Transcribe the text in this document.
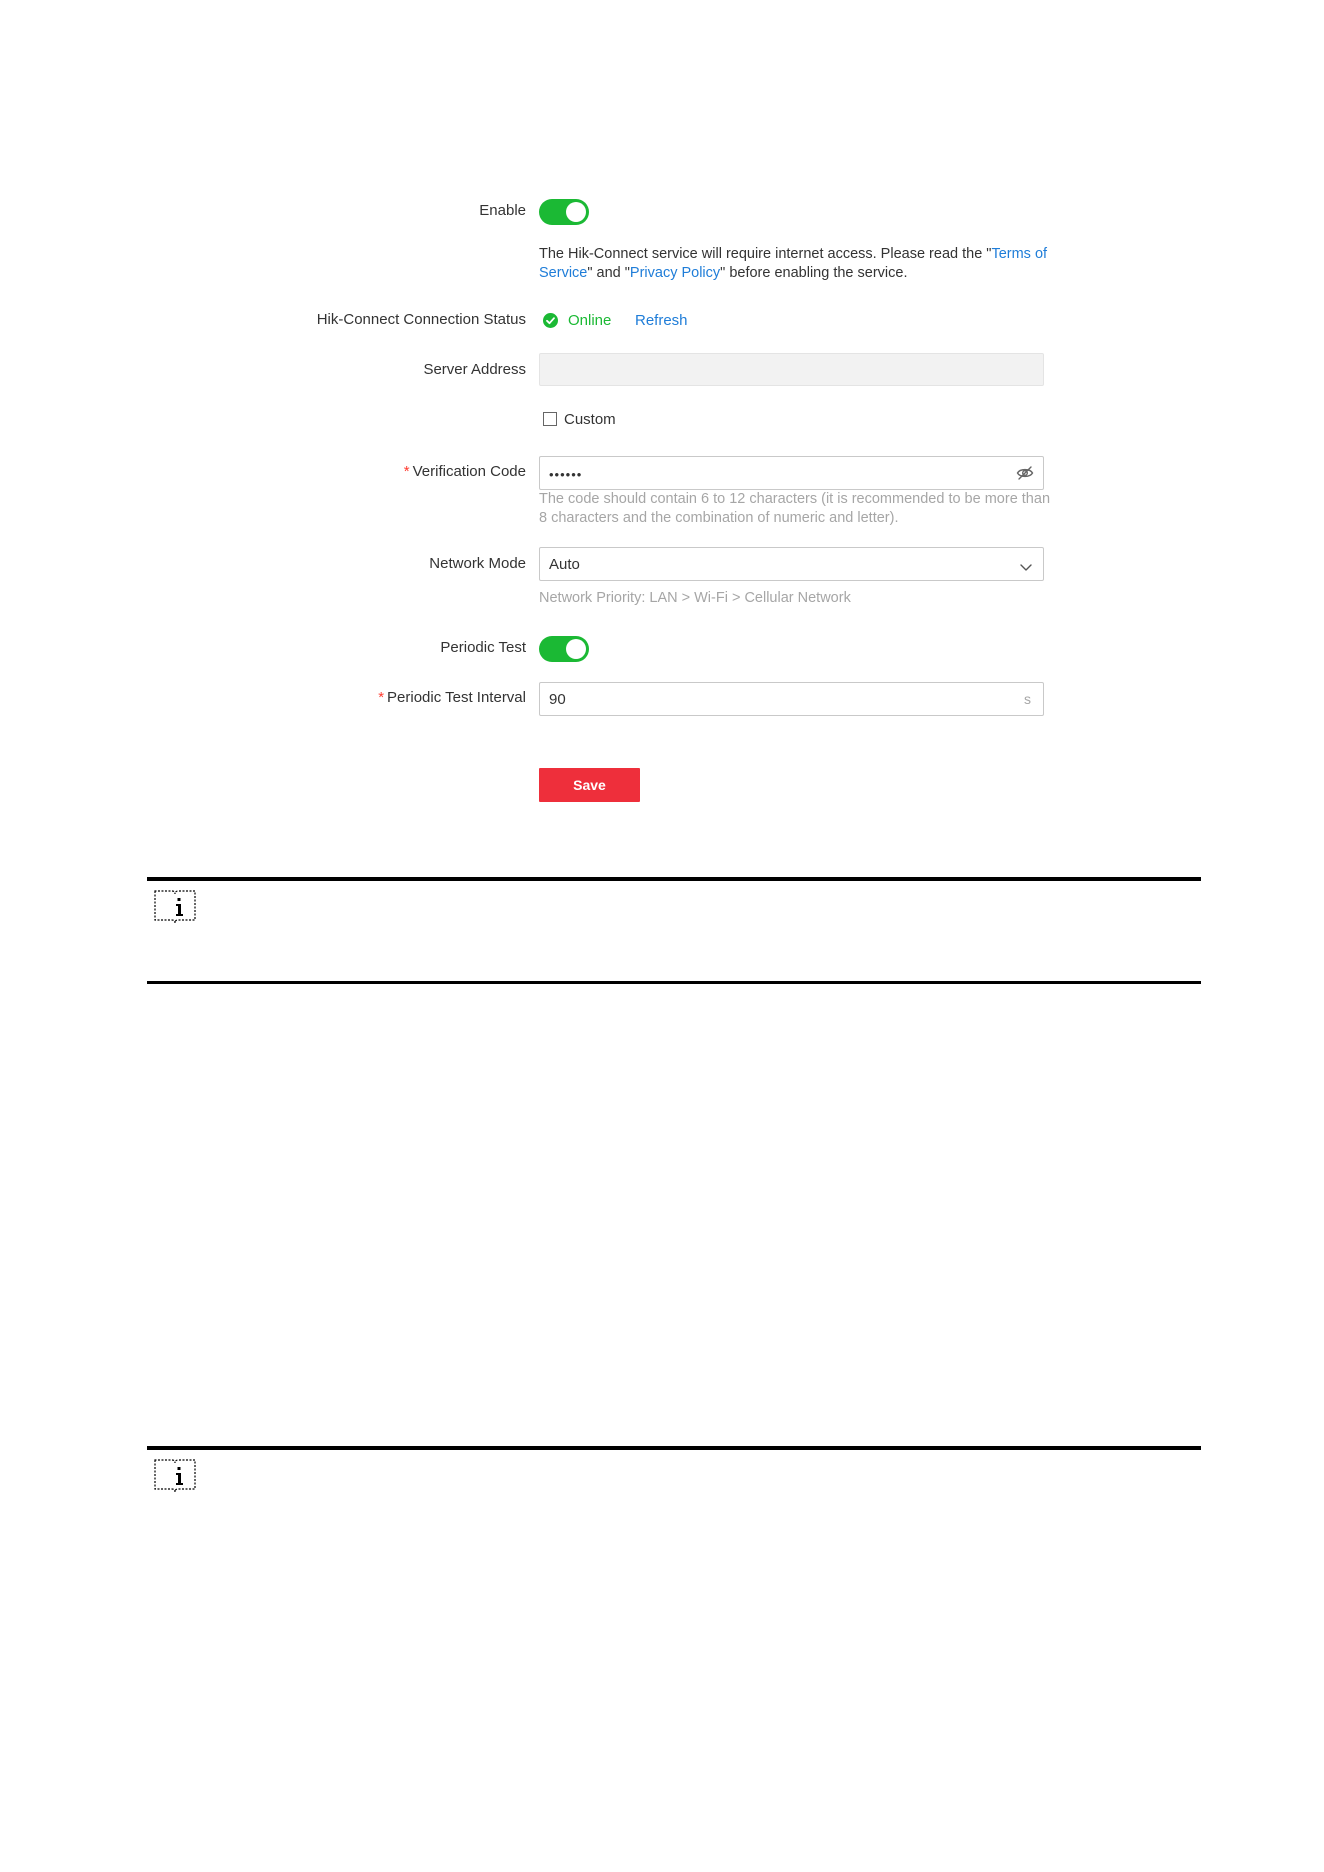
Enable
The Hik-Connect service will require internet access. Please read the "Terms of Service" and "Privacy Policy" before enabling the service.
Hik-Connect Connection Status	Online Refresh
Server Address
Custom
* Verification Code ••••••
The code should contain 6 to 12 characters (it is recommended to be more than 8 characters and the combination of numeric and letter).
Network Mode Auto
Network Priority: LAN > Wi-Fi > Cellular Network
Periodic Test
* Periodic Test Interval 90	s
Save
